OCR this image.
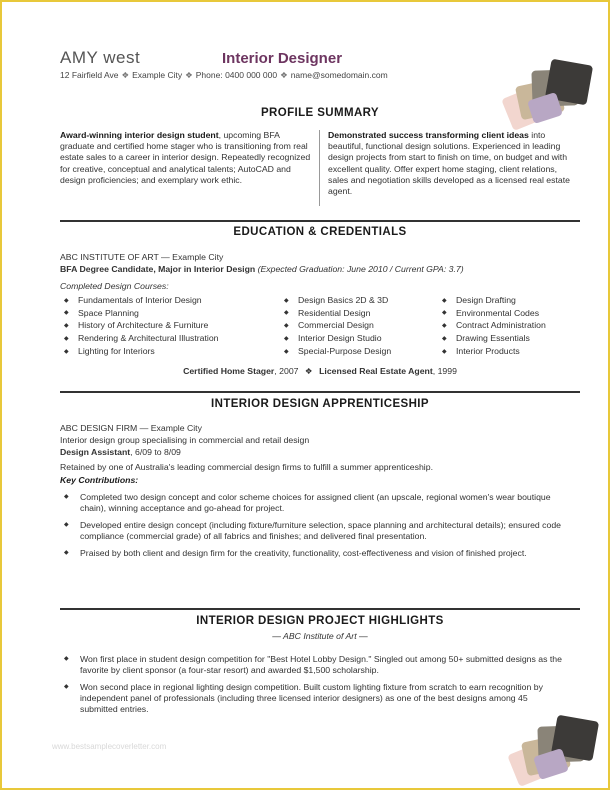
AMY west	Interior Designer
12 Fairfield Ave ❖ Example City ❖ Phone: 0400 000 000 ❖ name@somedomain.com
PROFILE SUMMARY
Award-winning interior design student, upcoming BFA graduate and certified home stager who is transitioning from real estate sales to a career in interior design. Repeatedly recognized for creative, conceptual and analytical talents; AutoCAD and design proficiencies; and exemplary work ethic.
Demonstrated success transforming client ideas into beautiful, functional design solutions. Experienced in leading design projects from start to finish on time, on budget and with excellent quality. Offer expert home staging, client relations, sales and negotiation skills developed as a licensed real estate agent.
EDUCATION & CREDENTIALS
ABC INSTITUTE OF ART — Example City
BFA Degree Candidate, Major in Interior Design (Expected Graduation: June 2010 / Current GPA: 3.7)
Completed Design Courses:
◆ Fundamentals of Interior Design
◆ Space Planning
◆ History of Architecture & Furniture
◆ Rendering & Architectural Illustration
◆ Lighting for Interiors
◆ Design Basics 2D & 3D
◆ Residential Design
◆ Commercial Design
◆ Interior Design Studio
◆ Special-Purpose Design
◆ Design Drafting
◆ Environmental Codes
◆ Contract Administration
◆ Drawing Essentials
◆ Interior Products
Certified Home Stager, 2007 ❖ Licensed Real Estate Agent, 1999
INTERIOR DESIGN APPRENTICESHIP
ABC DESIGN FIRM — Example City
Interior design group specialising in commercial and retail design
Design Assistant, 6/09 to 8/09
Retained by one of Australia's leading commercial design firms to fulfill a summer apprenticeship.
Key Contributions:
◆ Completed two design concept and color scheme choices for assigned client (an upscale, regional women's wear boutique chain), winning acceptance and go-ahead for project.
◆ Developed entire design concept (including fixture/furniture selection, space planning and architectural details); ensured code compliance (commercial grade) of all fabrics and finishes; and delivered final presentation.
◆ Praised by both client and design firm for the creativity, functionality, cost-effectiveness and vision of finished project.
INTERIOR DESIGN PROJECT HIGHLIGHTS
— ABC Institute of Art —
◆ Won first place in student design competition for "Best Hotel Lobby Design." Singled out among 50+ submitted designs as the favorite by client sponsor (a four-star resort) and awarded $1,500 scholarship.
◆ Won second place in regional lighting design competition. Built custom lighting fixture from scratch to earn recognition by independent panel of professionals (including three licensed interior designers) as one of the best designs among 45 submitted entries.
www.bestsamplecoverletter.com
